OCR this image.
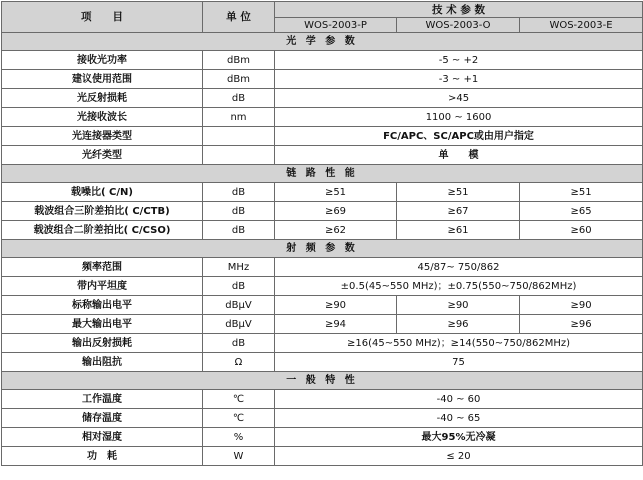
项　　目	单 位	技 术 参 数		
		WOS-2003-P	WOS-2003-O	WOS-2003-E
光 学 参 数				
接收光功率	dBm	-5 ~ +2		
建议使用范围	dBm	-3 ~ +1		
光反射损耗	dB	>45		
光接收波长	nm	1100 ~ 1600		
光连接器类型		FC/APC、SC/APC或由用户指定		
光纤类型		单　　模		
链 路 性 能				
载噪比( C/N)	dB	≥51	≥51	≥51
载波组合三阶差拍比( C/CTB)	dB	≥69	≥67	≥65
载波组合二阶差拍比( C/CSO)	dB	≥62	≥61	≥60
射 频 参 数				
频率范围	MHz	45/87~ 750/862		
带内平坦度	dB	±0.5(45~550 MHz)；±0.75(550~750/862MHz)		
标称输出电平	dBμV	≥90	≥90	≥90
最大输出电平	dBμV	≥94	≥96	≥96
输出反射损耗	dB	≥16(45~550 MHz)；≥14(550~750/862MHz)		
输出阻抗	Ω	75		
一 般 特 性				
工作温度	℃	-40 ~ 60		
储存温度	℃	-40 ~ 65		
相对湿度	%	最大95%无冷凝		
功　耗	W	≤ 20		
